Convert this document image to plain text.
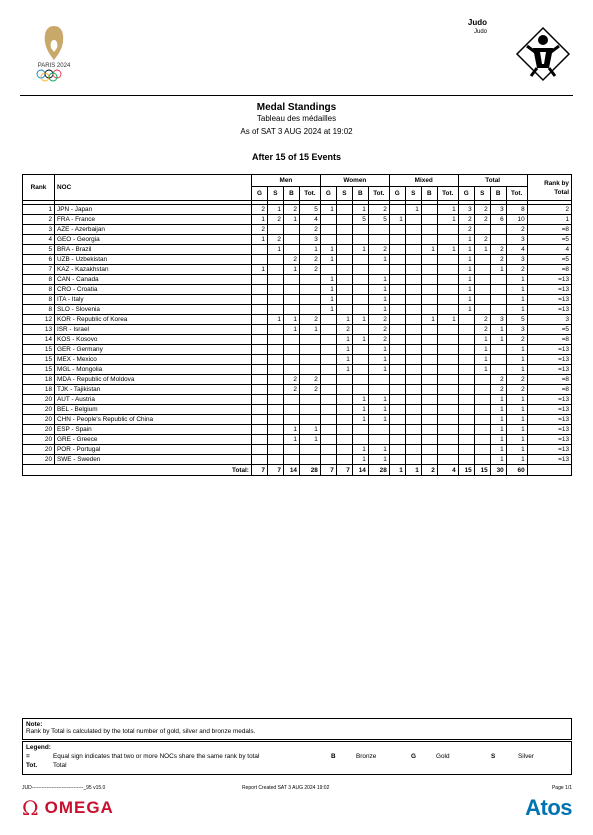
PARIS 2024
Judo
Judo
Medal Standings
Tableau des médailles
As of SAT 3 AUG 2024 at 19:02
After 15 of 15 Events
Rank	NOC	Men				Women				Mixed				Total				Rank by Total
		G	S	B	Tot.	G	S	B	Tot.	G	S	B	Tot.	G	S	B	Tot.	

1	JPN - Japan	2	1	2	5	1		1	2		1		1	3	2	3	8	2
2	FRA - France	1	2	1	4			5	5	1			1	2	2	6	10	1
3	AZE - Azerbaijan	2			2									2			2	=8
4	GEO - Georgia	1	2		3									1	2		3	=5
5	BRA - Brazil		1		1	1		1	2			1	1	1	1	2	4	4
6	UZB - Uzbekistan			2	2	1			1					1		2	3	=5
7	KAZ - Kazakhstan	1		1	2									1		1	2	=8
8	CAN - Canada					1			1					1			1	=13
8	CRO - Croatia					1			1					1			1	=13
8	ITA - Italy					1			1					1			1	=13
8	SLO - Slovenia					1			1					1			1	=13
12	KOR - Republic of Korea		1	1	2		1	1	2			1	1		2	3	5	3
13	ISR - Israel			1	1		2		2						2	1	3	=5
14	KOS - Kosovo						1	1	2						1	1	2	=8
15	GER - Germany						1		1						1		1	=13
15	MEX - Mexico						1		1						1		1	=13
15	MGL - Mongolia						1		1						1		1	=13
18	MDA - Republic of Moldova			2	2											2	2	=8
18	TJK - Tajikistan			2	2											2	2	=8
20	AUT - Austria							1	1							1	1	=13
20	BEL - Belgium							1	1							1	1	=13
20	CHN - People's Republic of China							1	1							1	1	=13
20	ESP - Spain			1	1											1	1	=13
20	GRE - Greece			1	1											1	1	=13
20	POR - Portugal							1	1							1	1	=13
20	SWE - Sweden							1	1							1	1	=13
Total:		7	7	14	28	7	7	14	28	1	1	2	4	15	15	30	60	
Note:
Rank by Total is calculated by the total number of gold, silver and bronze medals.
Legend:
=	Equal sign indicates that two or more NOCs share the same rank by total	B	Bronze	G	Gold	S	Silver
Tot. Total
JUD-------------------------------_95 v15.0	Report Created SAT 3 AUG 2024 19:02	Page 1/1
Ω OMEGA	Atos
